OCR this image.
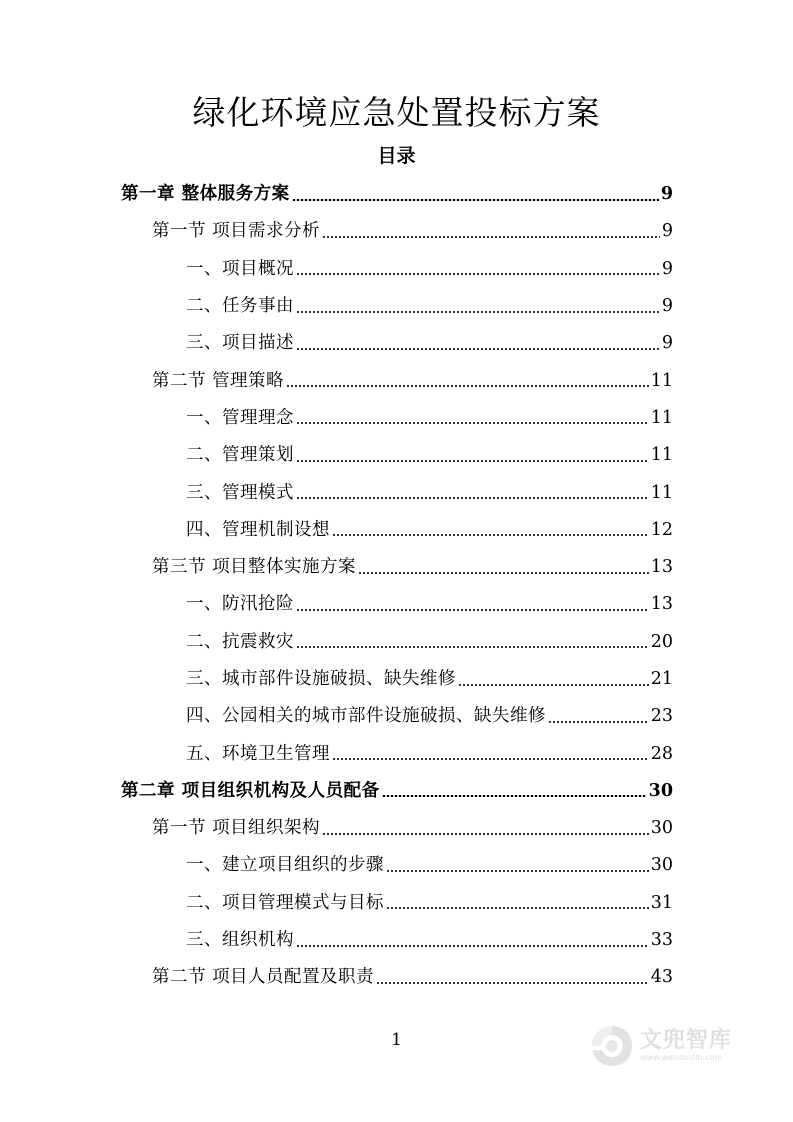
绿化环境应急处置投标方案
目录
第一章 整体服务方案	9
第一节 项目需求分析	9
一、项目概况	9
二、任务事由	9
三、项目描述	9
第二节 管理策略	11
一、管理理念	11
二、管理策划	11
三、管理模式	11
四、管理机制设想	12
第三节 项目整体实施方案	13
一、防汛抢险	13
二、抗震救灾	20
三、城市部件设施破损、缺失维修	21
四、公园相关的城市部件设施破损、缺失维修	23
五、环境卫生管理	28
第二章 项目组织机构及人员配备	30
第一节 项目组织架构	30
一、建立项目组织的步骤	30
二、项目管理模式与目标	31
三、组织机构	33
第二节 项目人员配置及职责	43
1	文兜智库
www.wendoulib.com
